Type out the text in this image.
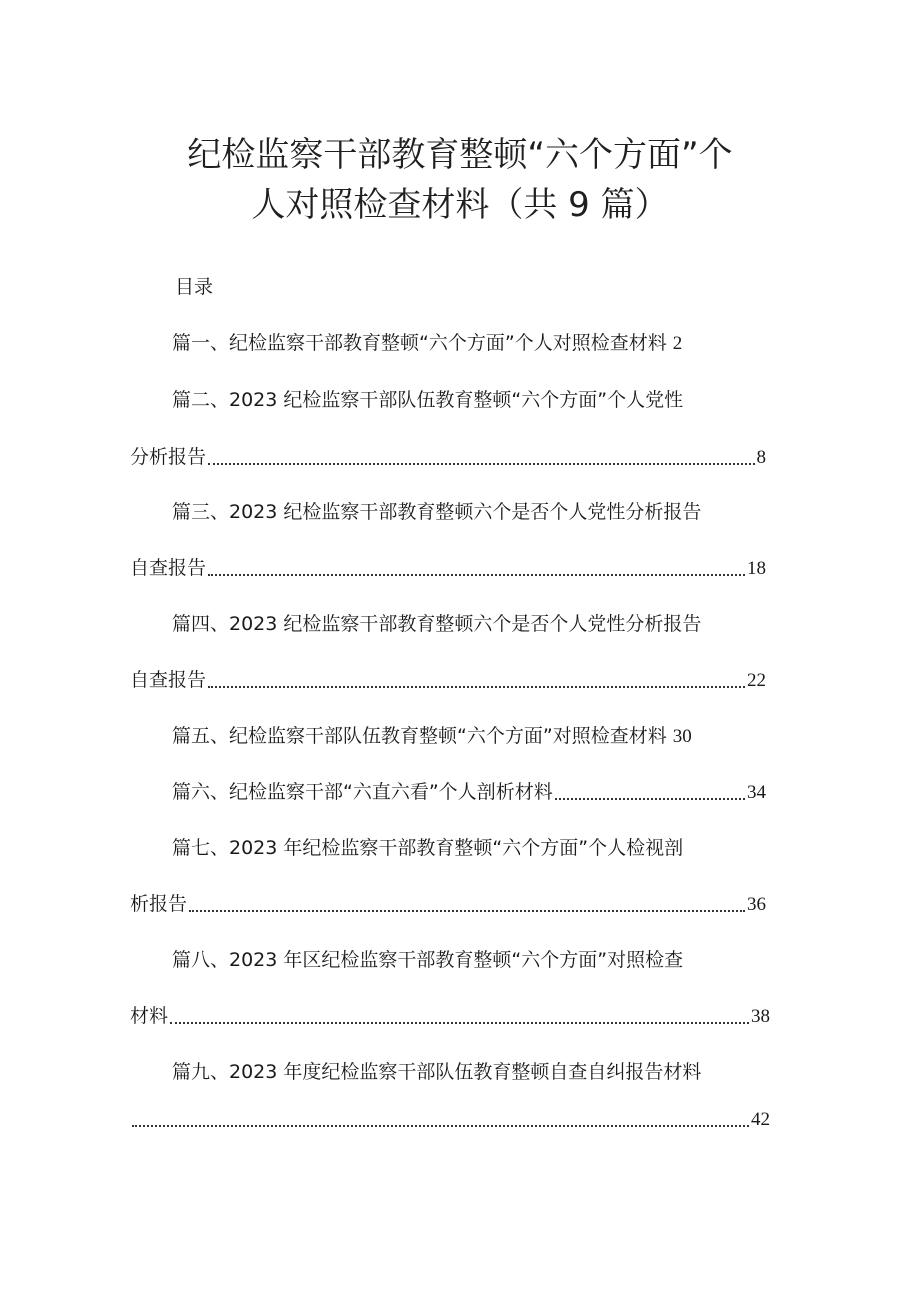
纪检监察干部教育整顿“六个方面”个
人对照检查材料（共 9 篇）
目录
篇一、纪检监察干部教育整顿“六个方面”个人对照检查材料 2
篇二、2023 纪检监察干部队伍教育整顿“六个方面”个人党性
分析报告	8
篇三、2023 纪检监察干部教育整顿六个是否个人党性分析报告
自查报告	18
篇四、2023 纪检监察干部教育整顿六个是否个人党性分析报告
自查报告	22
篇五、纪检监察干部队伍教育整顿“六个方面”对照检查材料 30
篇六、纪检监察干部“六直六看”个人剖析材料	34
篇七、2023 年纪检监察干部教育整顿“六个方面”个人检视剖
析报告	36
篇八、2023 年区纪检监察干部教育整顿“六个方面”对照检查
材料	38
篇九、2023 年度纪检监察干部队伍教育整顿自查自纠报告材料
42
